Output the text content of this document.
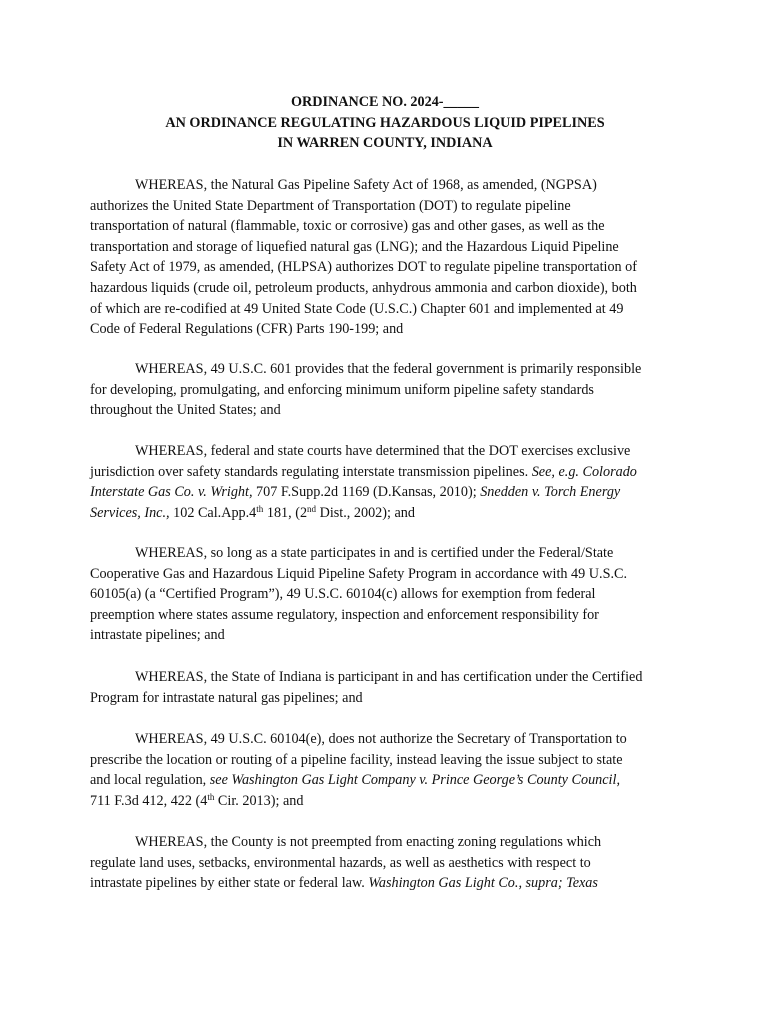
ORDINANCE NO. 2024-_____
AN ORDINANCE REGULATING HAZARDOUS LIQUID PIPELINES
IN WARREN COUNTY, INDIANA
WHEREAS, the Natural Gas Pipeline Safety Act of 1968, as amended, (NGPSA)
authorizes the United State Department of Transportation (DOT) to regulate pipeline
transportation of natural (flammable, toxic or corrosive) gas and other gases, as well as the
transportation and storage of liquefied natural gas (LNG); and the Hazardous Liquid Pipeline
Safety Act of 1979, as amended, (HLPSA) authorizes DOT to regulate pipeline transportation of
hazardous liquids (crude oil, petroleum products, anhydrous ammonia and carbon dioxide), both
of which are re-codified at 49 United State Code (U.S.C.) Chapter 601 and implemented at 49
Code of Federal Regulations (CFR) Parts 190-199; and
WHEREAS, 49 U.S.C. 601 provides that the federal government is primarily responsible
for developing, promulgating, and enforcing minimum uniform pipeline safety standards
throughout the United States; and
WHEREAS, federal and state courts have determined that the DOT exercises exclusive
jurisdiction over safety standards regulating interstate transmission pipelines. See, e.g. Colorado
Interstate Gas Co. v. Wright, 707 F.Supp.2d 1169 (D.Kansas, 2010); Snedden v. Torch Energy
Services, Inc., 102 Cal.App.4th 181, (2nd Dist., 2002); and
WHEREAS, so long as a state participates in and is certified under the Federal/State
Cooperative Gas and Hazardous Liquid Pipeline Safety Program in accordance with 49 U.S.C.
60105(a) (a “Certified Program”), 49 U.S.C. 60104(c) allows for exemption from federal
preemption where states assume regulatory, inspection and enforcement responsibility for
intrastate pipelines; and
WHEREAS, the State of Indiana is participant in and has certification under the Certified
Program for intrastate natural gas pipelines; and
WHEREAS, 49 U.S.C. 60104(e), does not authorize the Secretary of Transportation to
prescribe the location or routing of a pipeline facility, instead leaving the issue subject to state
and local regulation, see Washington Gas Light Company v. Prince George’s County Council,
711 F.3d 412, 422 (4th Cir. 2013); and
WHEREAS, the County is not preempted from enacting zoning regulations which
regulate land uses, setbacks, environmental hazards, as well as aesthetics with respect to
intrastate pipelines by either state or federal law. Washington Gas Light Co., supra; Texas
